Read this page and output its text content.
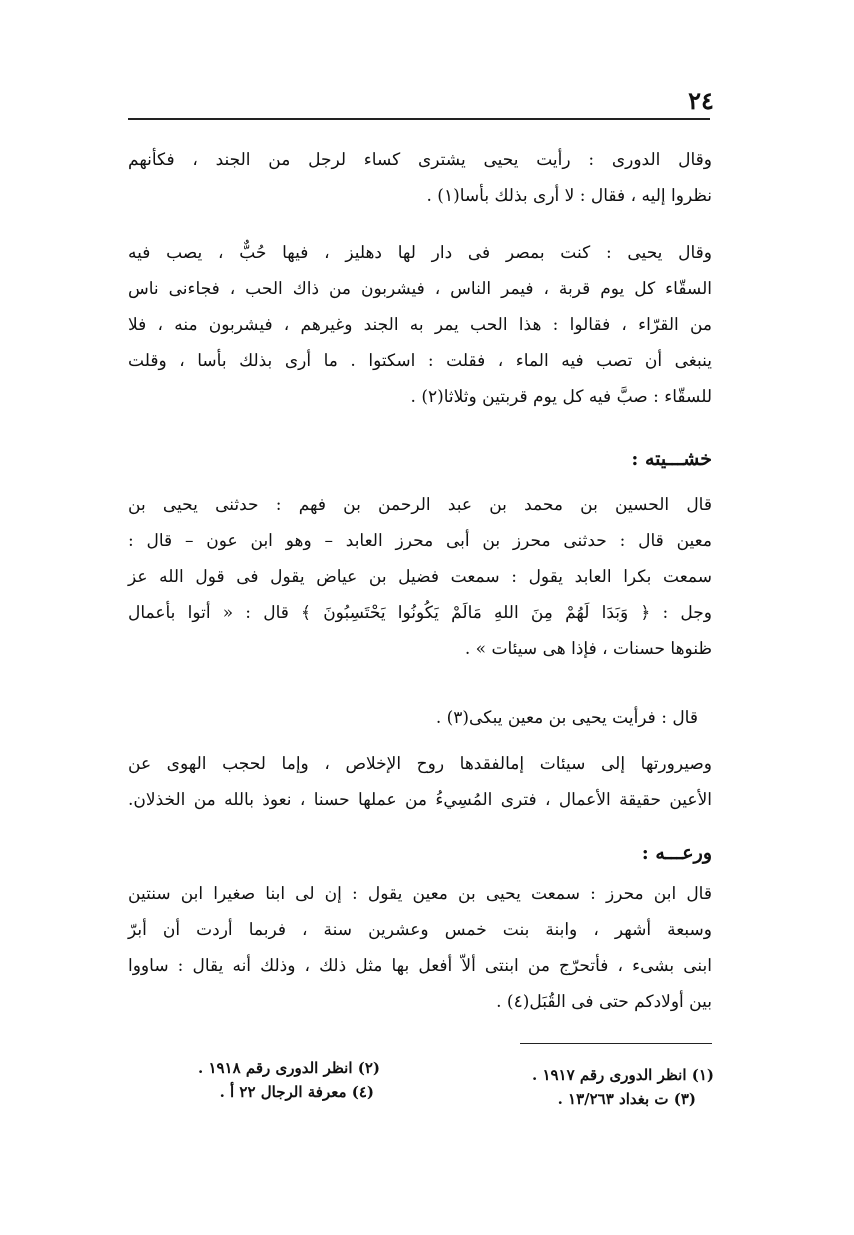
٢٤
وقال الدورى : رأيت يحيى يشترى كساء لرجل من الجند ، فكأنهم
نظروا إليه ، فقال : لا أرى بذلك بأسا(١) .
وقال يحيى : كنت بمصر فى دار لها دهليز ، فيها حُبٌّ ، يصب فيه
السقّاء كل يوم قربة ، فيمر الناس ، فيشربون من ذاك الحب ، فجاءنى ناس
من القرّاء ، فقالوا : هذا الحب يمر به الجند وغيرهم ، فيشربون منه ، فلا
ينبغى أن تصب فيه الماء ، فقلت : اسكتوا . ما أرى بذلك بأسا ، وقلت
للسقّاء : صبَّ فيه كل يوم قربتين وثلاثا(٢) .
خشـــيته :
قال الحسين بن محمد بن عبد الرحمن بن فهم : حدثنى يحيى بن
معين قال : حدثنى محرز بن أبى محرز العابد – وهو ابن عون – قال :
سمعت بكرا العابد يقول : سمعت فضيل بن عياض يقول فى قول الله عز
وجل : ﴿ وَبَدَا لَهُمْ مِنَ اللهِ مَالَمْ يَكُونُوا يَحْتَسِبُونَ ﴾ قال : « أتوا بأعمال
ظنوها حسنات ، فإذا هى سيئات » .
قال : فرأيت يحيى بن معين يبكى(٣) .
وصيرورتها إلى سيئات إمالفقدها روح الإخلاص ، وإما لحجب الهوى عن
الأعين حقيقة الأعمال ، فترى المُسِيءُ من عملها حسنا ، نعوذ بالله من الخذلان.
ورعـــه :
قال ابن محرز : سمعت يحيى بن معين يقول : إن لى ابنا صغيرا ابن سنتين
وسبعة أشهر ، وابنة بنت خمس وعشرين سنة ، فربما أردت أن أبرّ
ابنى بشىء ، فأتحرّج من ابنتى ألاّ أفعل بها مثل ذلك ، وذلك أنه يقال : ساووا
بين أولادكم حتى فى القُبَل(٤) .
(١) انظر الدورى رقم ١٩١٧ .
(٢) انظر الدورى رقم ١٩١٨ .
(٣) ت بغداد ١٣/٢٦٣ .
(٤) معرفة الرجال ٢٢ أ .
